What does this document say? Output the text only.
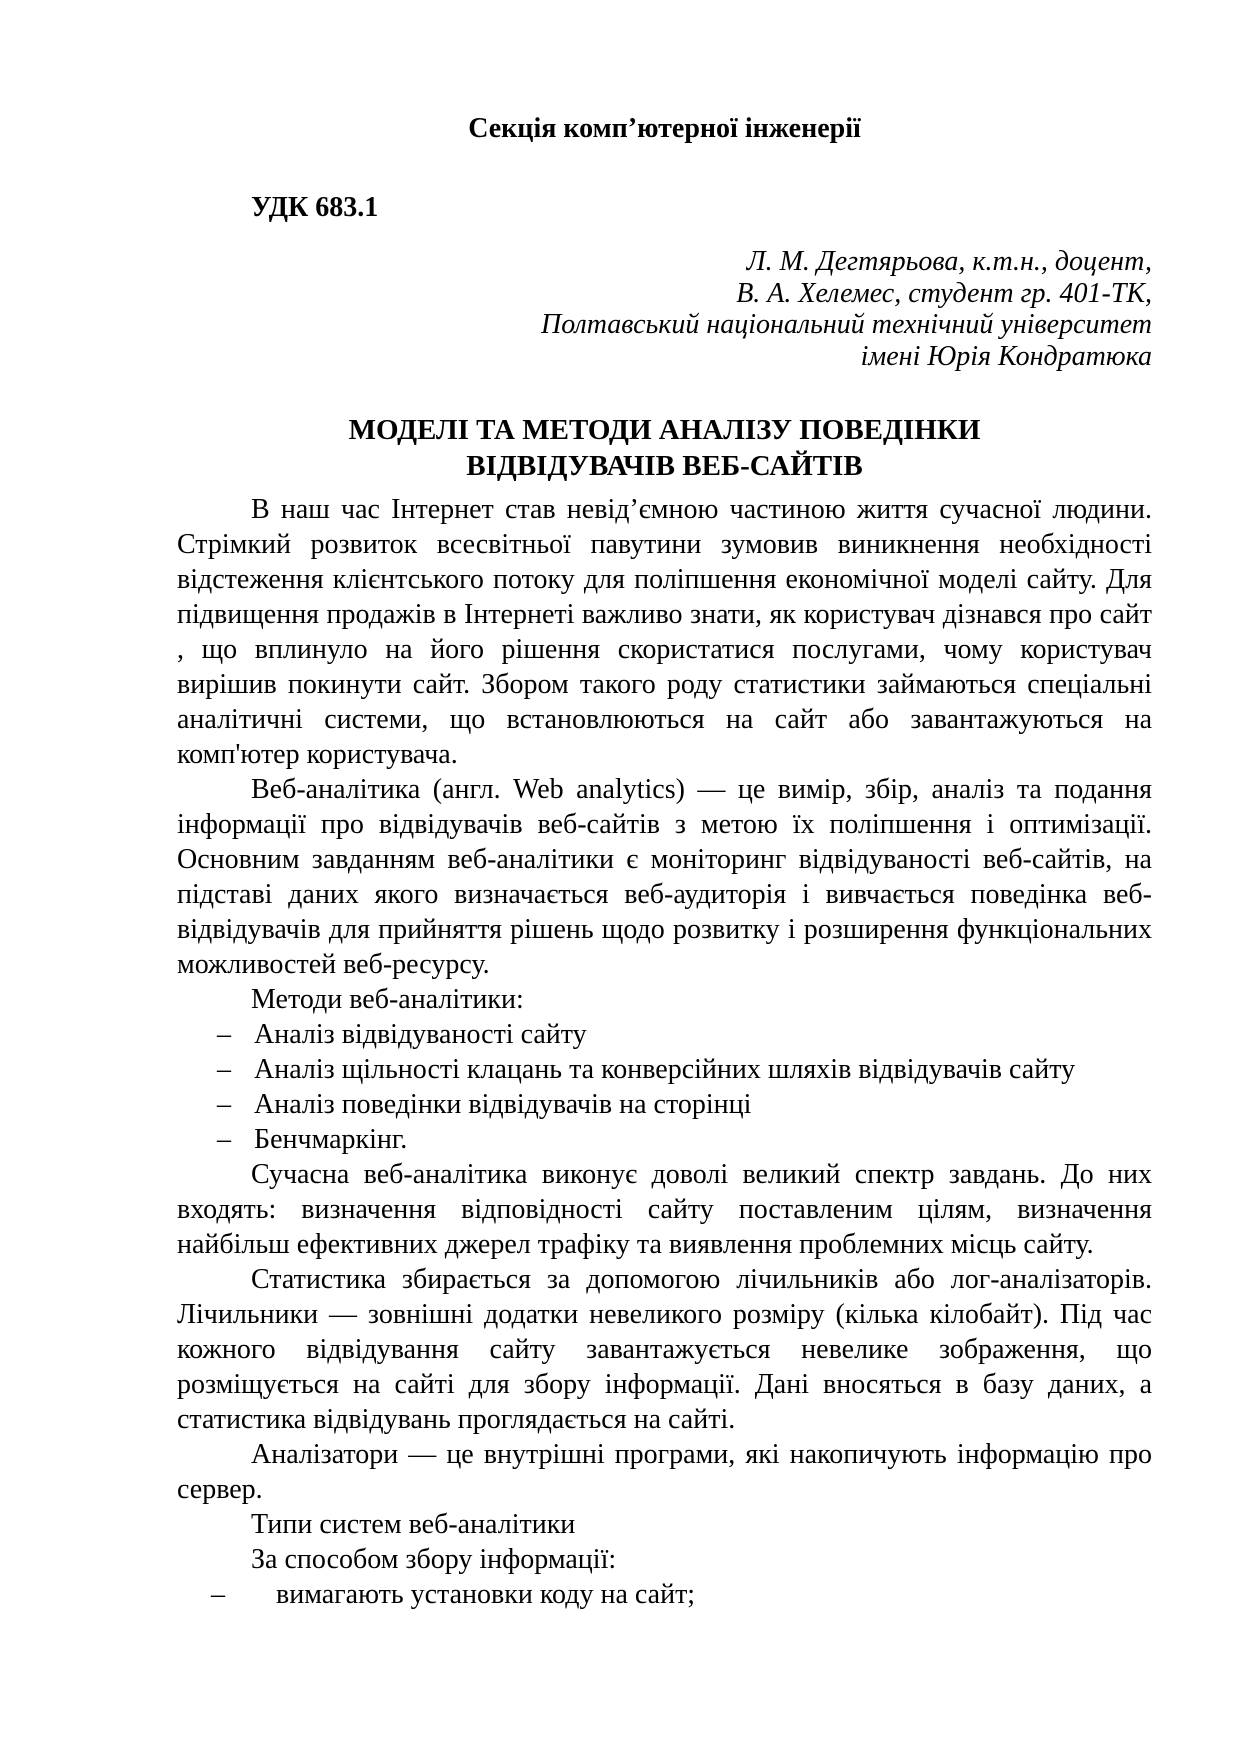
Секція комп’ютерної інженерії
УДК 683.1
Л. М. Дегтярьова, к.т.н., доцент,
В. А. Хелемес, студент гр. 401-ТК,
Полтавський національний технічний університет
імені Юрія Кондратюка
МОДЕЛІ ТА МЕТОДИ АНАЛІЗУ ПОВЕДІНКИ
ВІДВІДУВАЧІВ ВЕБ-САЙТІВ
В наш час Інтернет став невід’ємною частиною життя сучасної людини. Стрімкий розвиток всесвітньої павутини зумовив виникнення необхідності відстеження клієнтського потоку для поліпшення економічної моделі сайту. Для підвищення продажів в Інтернеті важливо знати, як користувач дізнався про сайт , що вплинуло на його рішення скористатися послугами, чому користувач вирішив покинути сайт. Збором такого роду статистики займаються спеціальні аналітичні системи, що встановлюються на сайт або завантажуються на комп'ютер користувача.
Веб-аналітика (англ. Web analytics) — це вимір, збір, аналіз та подання інформації про відвідувачів веб-сайтів з метою їх поліпшення і оптимізації. Основним завданням веб-аналітики є моніторинг відвідуваності веб-сайтів, на підставі даних якого визначається веб-аудиторія і вивчається поведінка веб-відвідувачів для прийняття рішень щодо розвитку і розширення функціональних можливостей веб-ресурсу.
Методи веб-аналітики:
– Аналіз відвідуваності сайту
– Аналіз щільності клацань та конверсійних шляхів відвідувачів сайту
– Аналіз поведінки відвідувачів на сторінці
– Бенчмаркінг.
Сучасна веб-аналітика виконує доволі великий спектр завдань. До них входять: визначення відповідності сайту поставленим цілям, визначення найбільш ефективних джерел трафіку та виявлення проблемних місць сайту.
Статистика збирається за допомогою лічильників або лог-аналізаторів. Лічильники — зовнішні додатки невеликого розміру (кілька кілобайт). Під час кожного відвідування сайту завантажується невелике зображення, що розміщується на сайті для збору інформації. Дані вносяться в базу даних, а статистика відвідувань проглядається на сайті.
Аналізатори — це внутрішні програми, які накопичують інформацію про сервер.
Типи систем веб-аналітики
За способом збору інформації:
– вимагають установки коду на сайт;
